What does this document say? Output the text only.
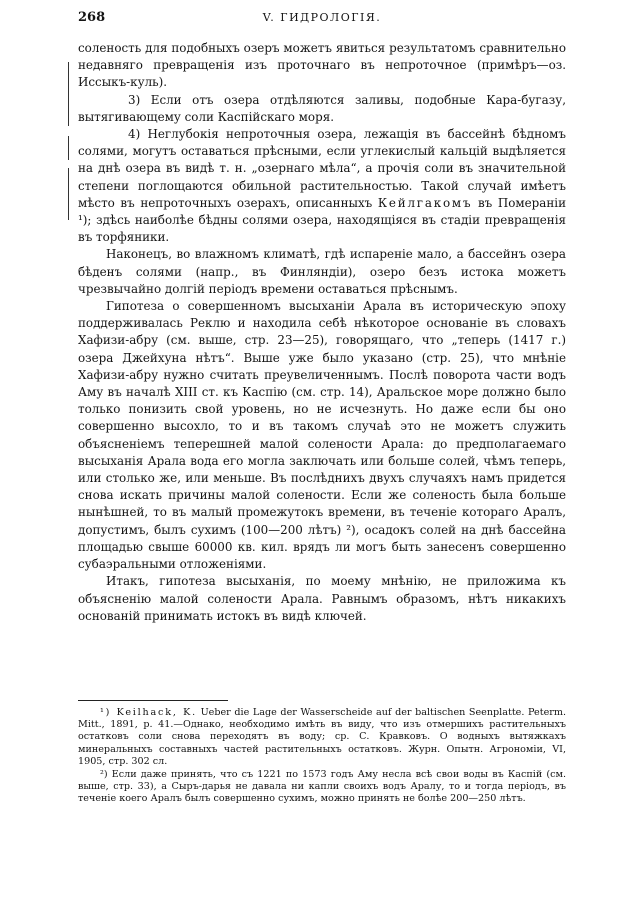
268	V. ГИДРОЛОГІЯ.

соленость для подобныхъ озеръ можетъ явиться результатомъ сравнительно недавняго превращенія изъ проточнаго въ непроточное (примѣръ—оз. Иссыкъ-куль).

3) Если отъ озера отдѣляются заливы, подобные Кара-бугазу, вытягивающему соли Каспійскаго моря.

4) Неглубокія непроточныя озера, лежащія въ бассейнѣ бѣдномъ солями, могутъ оставаться прѣсными, если углекислый кальцій выдѣляется на днѣ озера въ видѣ т. н. „озернаго мѣла“, а прочія соли въ значительной степени поглощаются обильной растительностью. Такой случай имѣетъ мѣсто въ непроточныхъ озерахъ, описанныхъ Кейлгакомъ въ Помераніи ¹); здѣсь наиболѣе бѣдны солями озера, находящіяся въ стадіи превращенія въ торфяники.

Наконецъ, во влажномъ климатѣ, гдѣ испареніе мало, а бассейнъ озера бѣденъ солями (напр., въ Финляндіи), озеро безъ истока можетъ чрезвычайно долгій періодъ времени оставаться прѣснымъ.

Гипотеза о совершенномъ высыханіи Арала въ историческую эпоху поддерживалась Реклю и находила себѣ нѣкоторое основаніе въ словахъ Хафизи-абру (см. выше, стр. 23—25), говорящаго, что „теперь (1417 г.) озера Джейхуна нѣтъ“. Выше уже было указано (стр. 25), что мнѣніе Хафизи-абру нужно считать преувеличеннымъ. Послѣ поворота части водъ Аму въ началѣ XIII ст. къ Каспію (см. стр. 14), Аральское море должно было только понизить свой уровень, но не исчезнуть. Но даже если бы оно совершенно высохло, то и въ такомъ случаѣ это не можетъ служить объясненіемъ теперешней малой солености Арала: до предполагаемаго высыханія Арала вода его могла заключать или больше солей, чѣмъ теперь, или столько же, или меньше. Въ послѣднихъ двухъ случаяхъ намъ придется снова искать причины малой солености. Если же соленость была больше нынѣшней, то въ малый промежутокъ времени, въ теченіе котораго Аралъ, допустимъ, былъ сухимъ (100—200 лѣтъ) ²), осадокъ солей на днѣ бассейна площадью свыше 60000 кв. кил. врядъ ли могъ быть занесенъ совершенно субаэральными отложеніями.

Итакъ, гипотеза высыханія, по моему мнѣнію, не приложима къ объясненію малой солености Арала. Равнымъ образомъ, нѣтъ никакихъ основаній принимать истокъ въ видѣ ключей.

¹) Keilhack, K. Ueber die Lage der Wasserscheide auf der baltischen Seenplatte. Peterm. Mitt., 1891, p. 41.—Однако, необходимо имѣть въ виду, что изъ отмершихъ растительныхъ остатковъ соли снова переходятъ въ воду; ср. С. Кравковъ. О водныхъ вытяжкахъ минеральныхъ составныхъ частей растительныхъ остатковъ. Журн. Опытн. Агрономіи, VI, 1905, стр. 302 сл.

²) Если даже принять, что съ 1221 по 1573 годъ Аму несла всѣ свои воды въ Каспій (см. выше, стр. 33), а Сыръ-дарья не давала ни капли своихъ водъ Аралу, то и тогда періодъ, въ теченіе коего Аралъ былъ совершенно сухимъ, можно принять не болѣе 200—250 лѣтъ.
